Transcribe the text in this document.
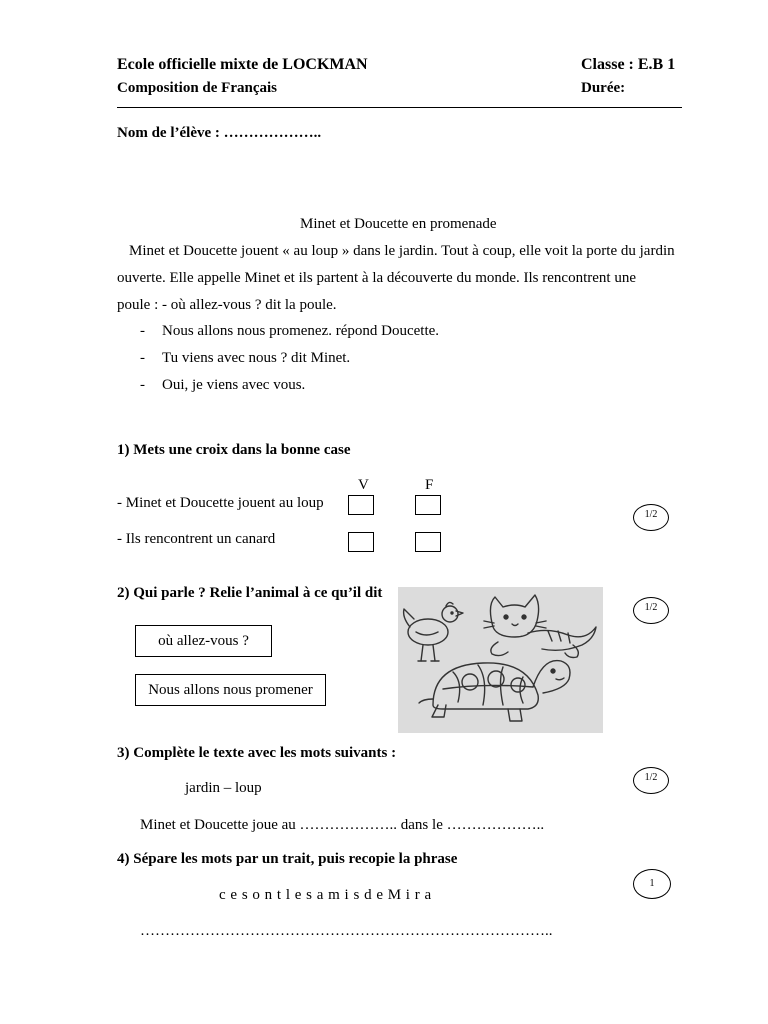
Ecole officielle mixte de LOCKMAN
Composition de Français
Classe : E.B 1
Durée:
Nom de l’élève : ………………..
Minet et Doucette en promenade
Minet et Doucette jouent « au loup » dans le jardin. Tout à coup, elle voit la porte du jardin
ouverte. Elle appelle Minet et ils partent à la découverte du monde. Ils rencontrent une
poule : - où allez-vous ? dit la poule.
- Nous allons nous promenez. répond Doucette.
- Tu viens avec nous ? dit Minet.
- Oui, je viens avec vous.
1) Mets une croix dans la bonne case
V	F
- Minet et Doucette jouent au loup
- Ils rencontrent un canard
1/2
2) Qui parle ? Relie l’animal à ce qu’il dit
où allez-vous ?
Nous allons nous promener
1/2
3) Complète le texte avec les mots suivants :
jardin – loup
Minet et Doucette joue au ……………….. dans le ………………..
1/2
4) Sépare les mots par un trait, puis recopie la phrase
c e s o n t l e s a m i s d e M i r a
………………………………………………………………………..
1
